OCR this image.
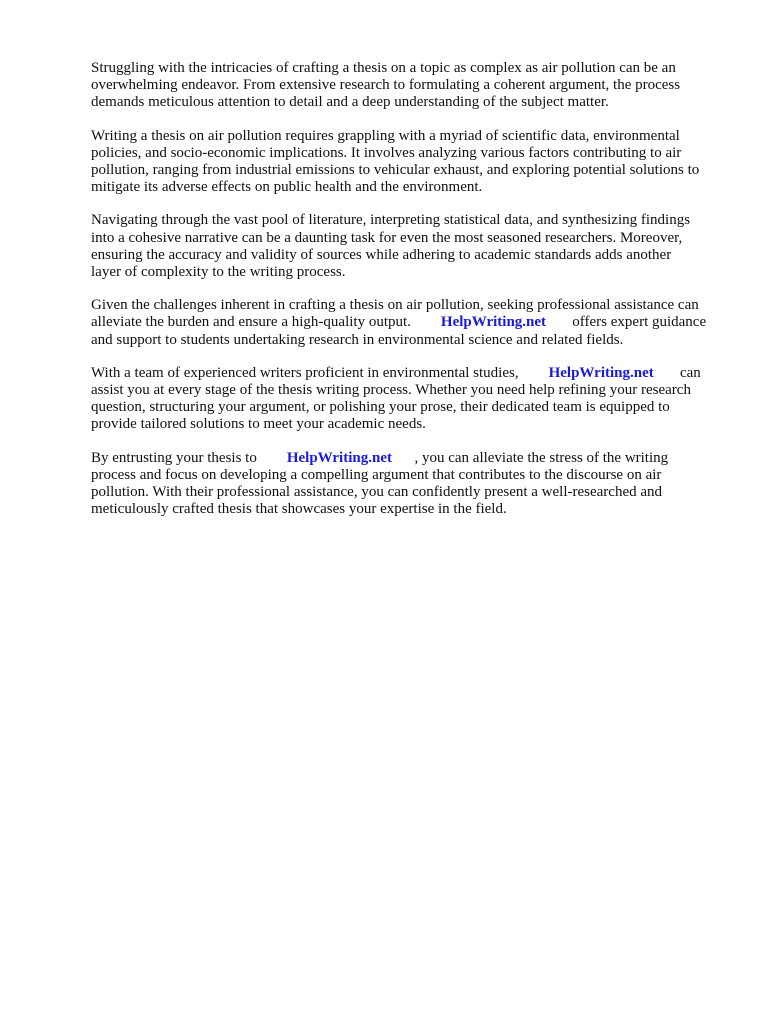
Struggling with the intricacies of crafting a thesis on a topic as complex as air pollution can be an
overwhelming endeavor. From extensive research to formulating a coherent argument, the process
demands meticulous attention to detail and a deep understanding of the subject matter.

Writing a thesis on air pollution requires grappling with a myriad of scientific data, environmental
policies, and socio-economic implications. It involves analyzing various factors contributing to air
pollution, ranging from industrial emissions to vehicular exhaust, and exploring potential solutions to
mitigate its adverse effects on public health and the environment.

Navigating through the vast pool of literature, interpreting statistical data, and synthesizing findings
into a cohesive narrative can be a daunting task for even the most seasoned researchers. Moreover,
ensuring the accuracy and validity of sources while adhering to academic standards adds another
layer of complexity to the writing process.

Given the challenges inherent in crafting a thesis on air pollution, seeking professional assistance can
alleviate the burden and ensure a high-quality output. HelpWriting.net offers expert guidance
and support to students undertaking research in environmental science and related fields.

With a team of experienced writers proficient in environmental studies, HelpWriting.net can
assist you at every stage of the thesis writing process. Whether you need help refining your research
question, structuring your argument, or polishing your prose, their dedicated team is equipped to
provide tailored solutions to meet your academic needs.

By entrusting your thesis to HelpWriting.net , you can alleviate the stress of the writing
process and focus on developing a compelling argument that contributes to the discourse on air
pollution. With their professional assistance, you can confidently present a well-researched and
meticulously crafted thesis that showcases your expertise in the field.
